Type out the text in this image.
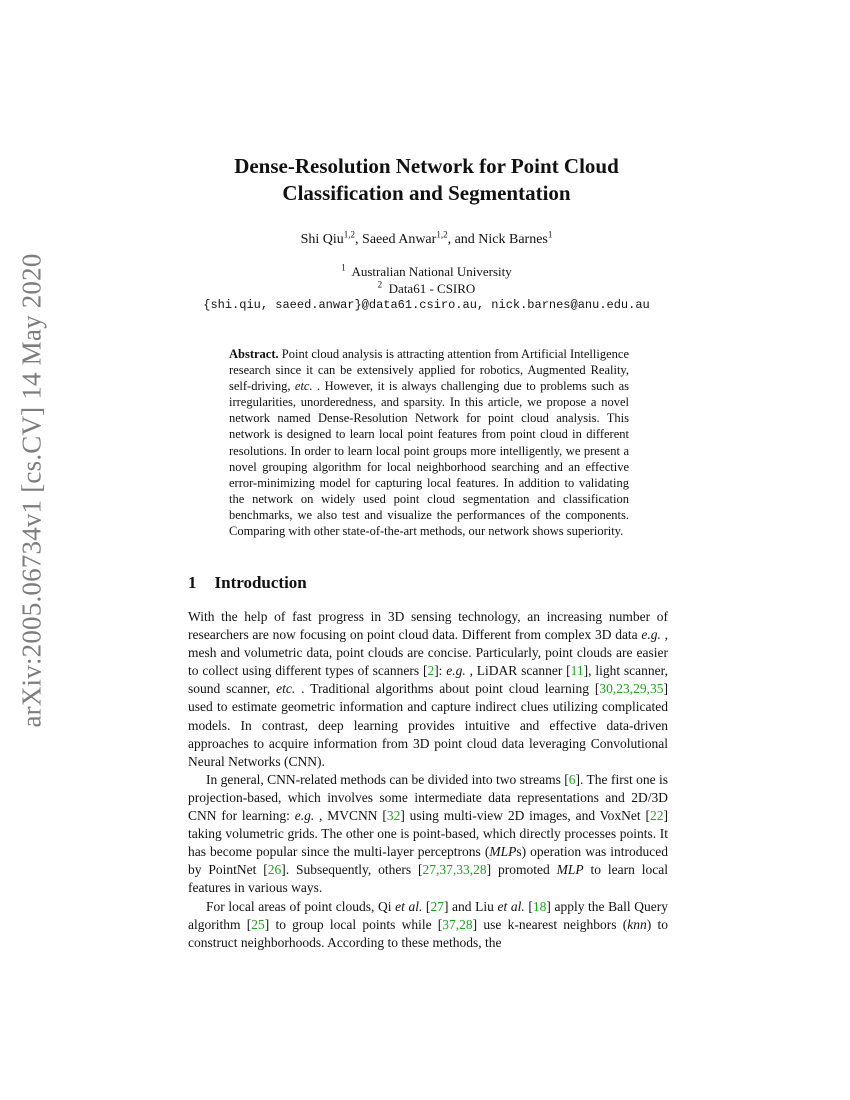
arXiv:2005.06734v1 [cs.CV] 14 May 2020
Dense-Resolution Network for Point Cloud
Classification and Segmentation
Shi Qiu$^{1,2}$, Saeed Anwar$^{1,2}$, and Nick Barnes$^1$
$^1$ Australian National University
$^2$ Data61 - CSIRO
{shi.qiu, saeed.anwar}@data61.csiro.au, nick.barnes@anu.edu.au
Abstract. Point cloud analysis is attracting attention from Artificial Intelligence research since it can be extensively applied for robotics, Augmented Reality, self-driving, etc. . However, it is always challenging due to problems such as irregularities, unorderedness, and sparsity. In this article, we propose a novel network named Dense-Resolution Network for point cloud analysis. This network is designed to learn local point features from point cloud in different resolutions. In order to learn local point groups more intelligently, we present a novel grouping algorithm for local neighborhood searching and an effective error-minimizing model for capturing local features. In addition to validating the network on widely used point cloud segmentation and classification benchmarks, we also test and visualize the performances of the components. Comparing with other state-of-the-art methods, our network shows superiority.
1 Introduction

With the help of fast progress in 3D sensing technology, an increasing number of researchers are now focusing on point cloud data. Different from complex 3D data e.g. , mesh and volumetric data, point clouds are concise. Particularly, point clouds are easier to collect using different types of scanners [2]: e.g. , LiDAR scanner [11], light scanner, sound scanner, etc. . Traditional algorithms about point cloud learning [30,23,29,35] used to estimate geometric information and capture indirect clues utilizing complicated models. In contrast, deep learning provides intuitive and effective data-driven approaches to acquire information from 3D point cloud data leveraging Convolutional Neural Networks (CNN).

In general, CNN-related methods can be divided into two streams [6]. The first one is projection-based, which involves some intermediate data representations and 2D/3D CNN for learning: e.g. , MVCNN [32] using multi-view 2D images, and VoxNet [22] taking volumetric grids. The other one is point-based, which directly processes points. It has become popular since the multi-layer perceptrons (MLPs) operation was introduced by PointNet [26]. Subsequently, others [27,37,33,28] promoted MLP to learn local features in various ways.

For local areas of point clouds, Qi et al. [27] and Liu et al. [18] apply the Ball Query algorithm [25] to group local points while [37,28] use k-nearest neighbors (knn) to construct neighborhoods. According to these methods, the
